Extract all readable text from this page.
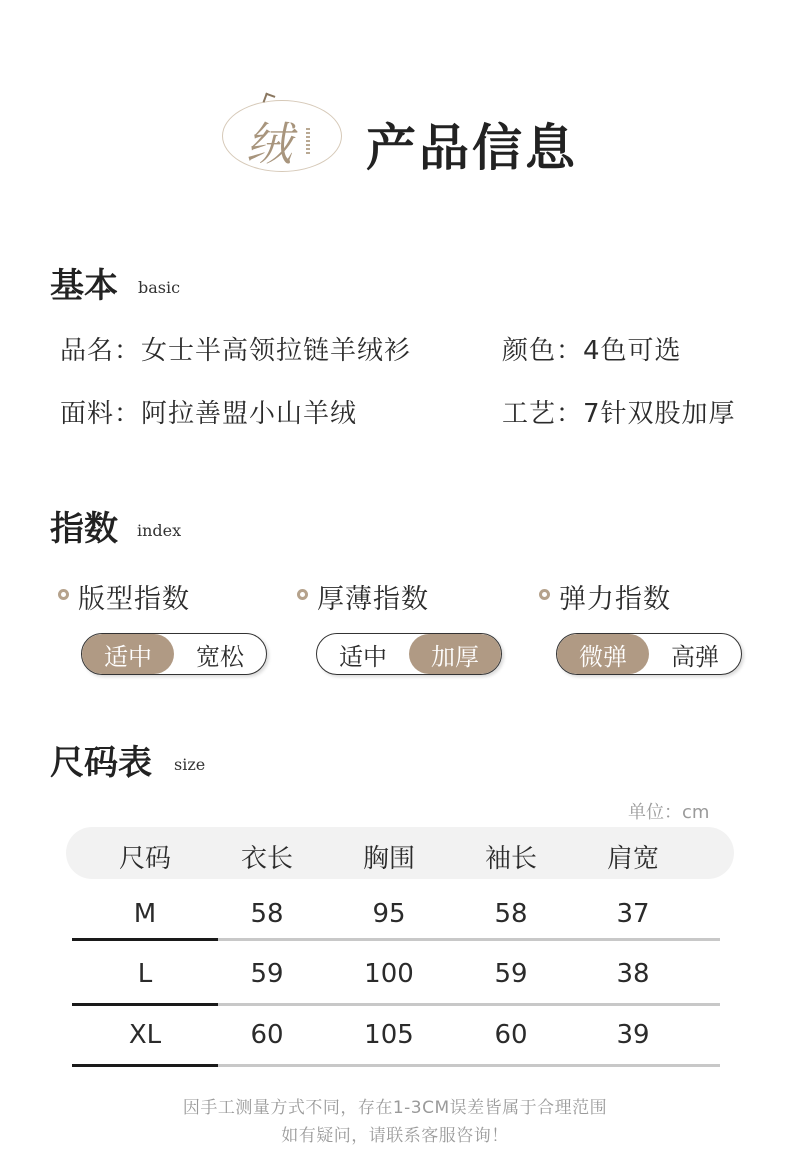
绒 产品信息
基本 basic
品名：女士半高领拉链羊绒衫	颜色：4色可选
面料：阿拉善盟小山羊绒	工艺：7针双股加厚
指数 index
版型指数
适中	宽松
厚薄指数
适中	加厚
弹力指数
微弹	高弹
尺码表 size
单位：cm
尺码	衣长	胸围	袖长	肩宽
M	58	95	58	37
L	59	100	59	38
XL	60	105	60	39
因手工测量方式不同，存在1-3CM误差皆属于合理范围
如有疑问，请联系客服咨询！
